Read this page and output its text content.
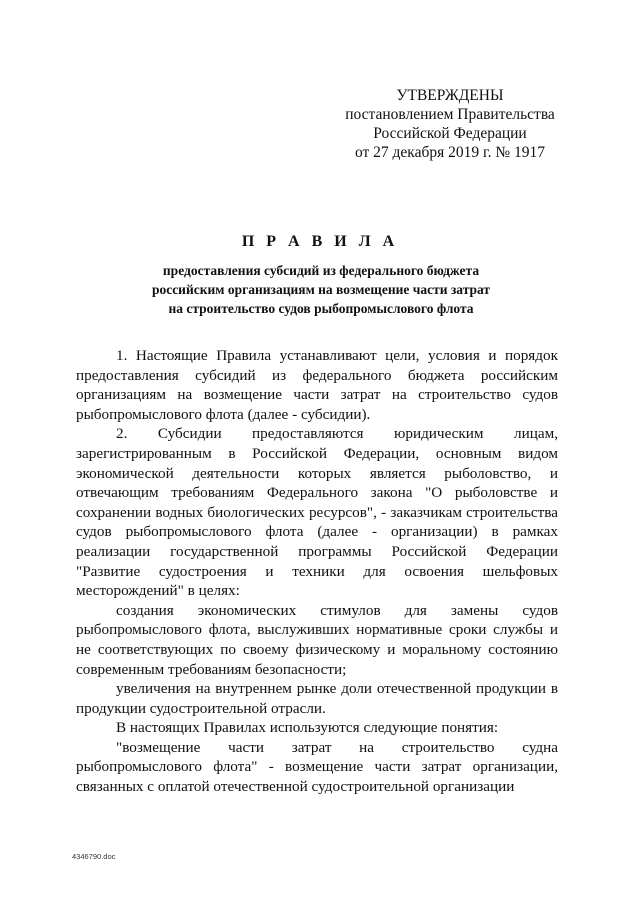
УТВЕРЖДЕНЫ
постановлением Правительства
Российской Федерации
от 27 декабря 2019 г. № 1917
П Р А В И Л А
предоставления субсидий из федерального бюджета
российским организациям на возмещение части затрат
на строительство судов рыбопромыслового флота

1. Настоящие Правила устанавливают цели, условия и порядок предоставления субсидий из федерального бюджета российским организациям на возмещение части затрат на строительство судов рыбопромыслового флота (далее - субсидии).

2. Субсидии предоставляются юридическим лицам, зарегистрированным в Российской Федерации, основным видом экономической деятельности которых является рыболовство, и отвечающим требованиям Федерального закона "О рыболовстве и сохранении водных биологических ресурсов", - заказчикам строительства судов рыбопромыслового флота (далее - организации) в рамках реализации государственной программы Российской Федерации "Развитие судостроения и техники для освоения шельфовых месторождений" в целях:

создания экономических стимулов для замены судов рыбопромыслового флота, выслуживших нормативные сроки службы и не соответствующих по своему физическому и моральному состоянию современным требованиям безопасности;

увеличения на внутреннем рынке доли отечественной продукции в продукции судостроительной отрасли.

В настоящих Правилах используются следующие понятия:

"возмещение части затрат на строительство судна рыбопромыслового флота" - возмещение части затрат организации, связанных с оплатой отечественной судостроительной организации

4346790.doc
